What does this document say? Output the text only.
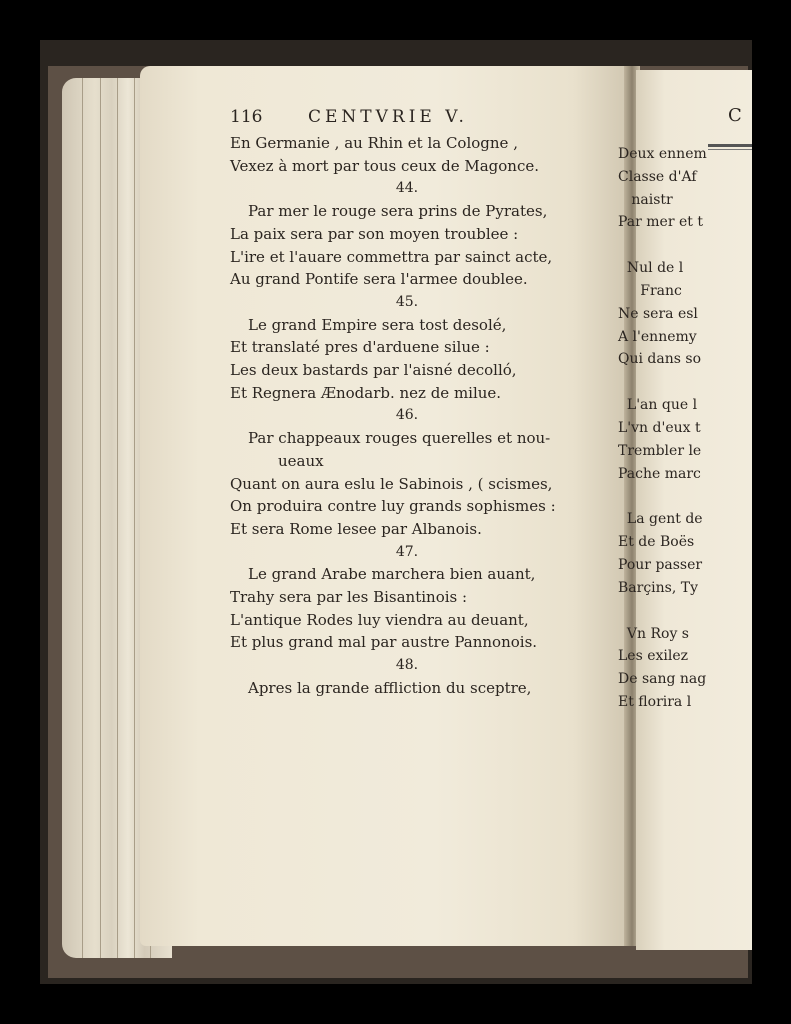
116	CENTVRIE V.
En Germanie , au Rhin et la Cologne ,
Vexez à mort par tous ceux de Magonce.
44.
Par mer le rouge sera prins de Pyrates,
La paix sera par son moyen troublee :
L'ire et l'auare commettra par sainct acte,
Au grand Pontife sera l'armee doublee.
45.
Le grand Empire sera tost desolé,
Et translaté pres d'arduene silue :
Les deux bastards par l'aisné decolló,
Et Regnera Ænodarb. nez de milue.
46.
Par chappeaux rouges querelles et nou-
ueaux
Quant on aura eslu le Sabinois , ( scismes,
On produira contre luy grands sophismes :
Et sera Rome lesee par Albanois.
47.
Le grand Arabe marchera bien auant,
Trahy sera par les Bisantinois :
L'antique Rodes luy viendra au deuant,
Et plus grand mal par austre Pannonois.
48.
Apres la grande affliction du sceptre,
C
Deux ennem
Classe d'Af
naistr
Par mer et t
Nul de l
Franc
Ne sera esl
A l'ennemy
Qui dans so
L'an que l
L'vn d'eux t
Trembler le
Pache marc
La gent de
Et de Boës
Pour passer
Barçins, Ty
Vn Roy s
Les exilez
De sang nag
Et florira l
